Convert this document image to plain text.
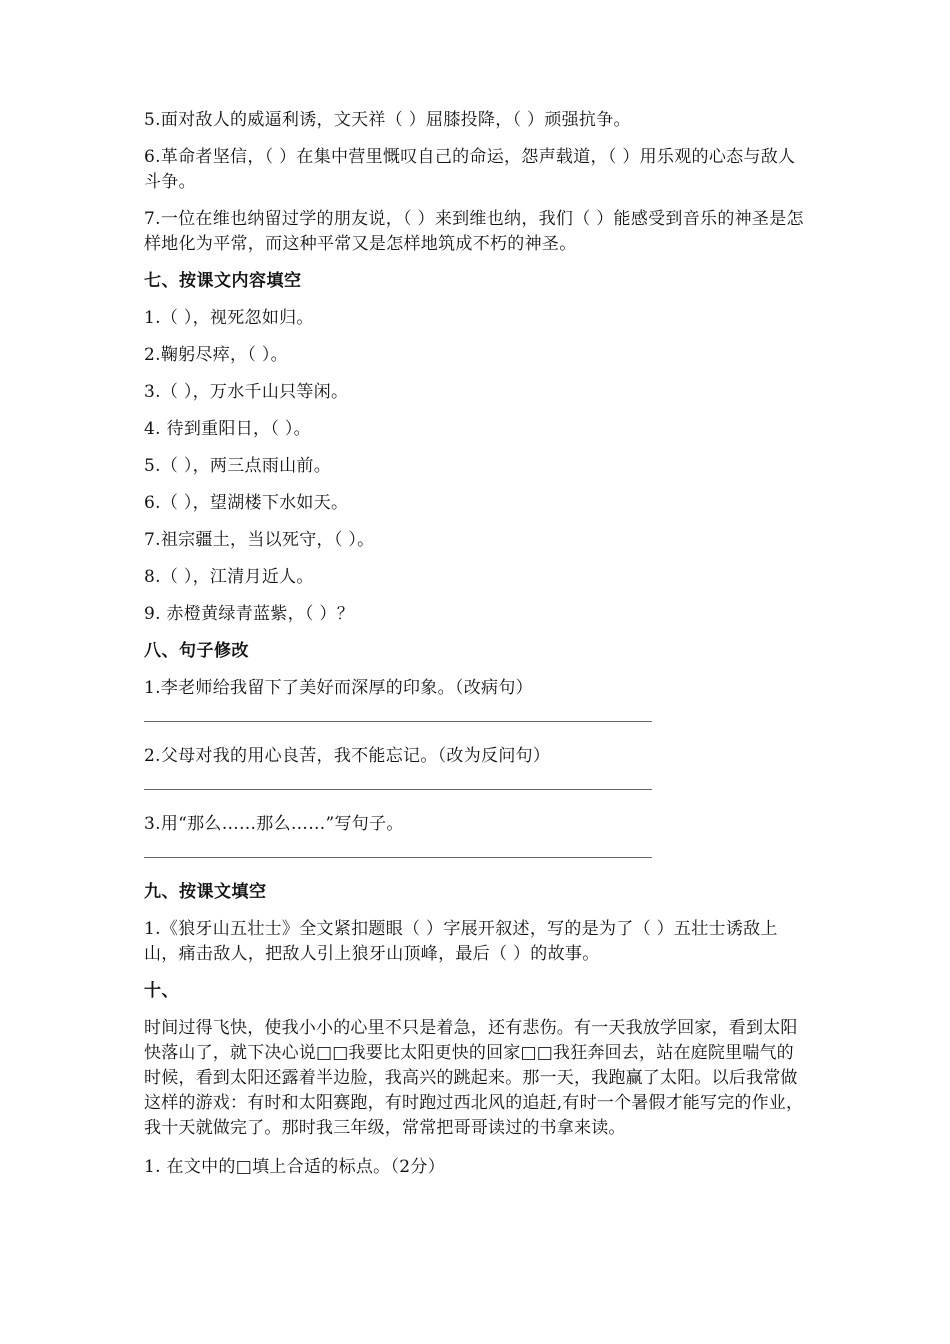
5.面对敌人的威逼利诱，文天祥（ ）屈膝投降，（ ）顽强抗争。

6.革命者坚信，（ ）在集中营里慨叹自己的命运，怨声载道，（ ）用乐观的心态与敌人斗争。

7.一位在维也纳留过学的朋友说，（ ）来到维也纳，我们（ ）能感受到音乐的神圣是怎样地化为平常，而这种平常又是怎样地筑成不朽的神圣。

七、按课文内容填空

1.（ ），视死忽如归。

2.鞠躬尽瘁，（ ）。

3.（ ），万水千山只等闲。

4. 待到重阳日，（ ）。

5.（ ），两三点雨山前。

6.（ ），望湖楼下水如天。

7.祖宗疆土，当以死守，（ ）。

8.（ ），江清月近人。

9. 赤橙黄绿青蓝紫，（ ）？

八、句子修改

1.李老师给我留下了美好而深厚的印象。（改病句）

2.父母对我的用心良苦，我不能忘记。（改为反问句）

3.用“那么……那么……”写句子。

九、按课文填空

1.《狼牙山五壮士》全文紧扣题眼（ ）字展开叙述，写的是为了（ ）五壮士诱敌上山，痛击敌人，把敌人引上狼牙山顶峰，最后（ ）的故事。

十、

时间过得飞快，使我小小的心里不只是着急，还有悲伤。有一天我放学回家，看到太阳快落山了，就下决心说□□我要比太阳更快的回家□□我狂奔回去，站在庭院里喘气的时候，看到太阳还露着半边脸，我高兴的跳起来。那一天，我跑赢了太阳。以后我常做这样的游戏：有时和太阳赛跑，有时跑过西北风的追赶,有时一个暑假才能写完的作业，我十天就做完了。那时我三年级，常常把哥哥读过的书拿来读。

1. 在文中的□填上合适的标点。（2分）
